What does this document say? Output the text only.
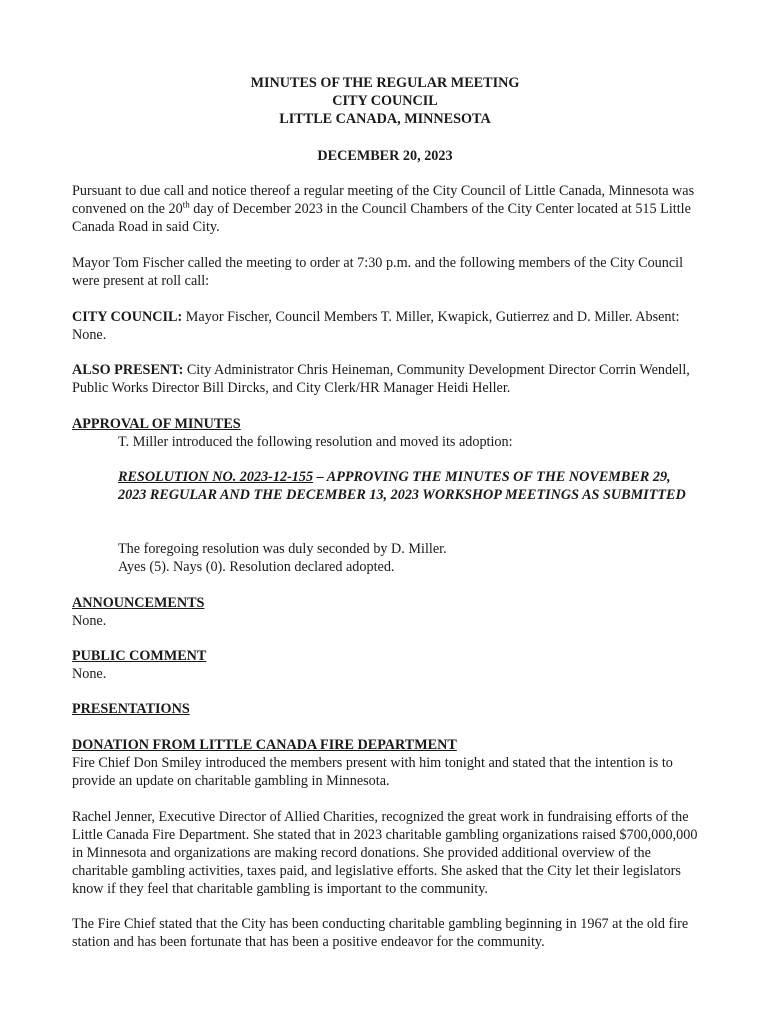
MINUTES OF THE REGULAR MEETING
CITY COUNCIL
LITTLE CANADA, MINNESOTA
DECEMBER 20, 2023

Pursuant to due call and notice thereof a regular meeting of the City Council of Little Canada, Minnesota was convened on the 20th day of December 2023 in the Council Chambers of the City Center located at 515 Little Canada Road in said City.

Mayor Tom Fischer called the meeting to order at 7:30 p.m. and the following members of the City Council were present at roll call:

CITY COUNCIL: Mayor Fischer, Council Members T. Miller, Kwapick, Gutierrez and D. Miller. Absent: None.

ALSO PRESENT: City Administrator Chris Heineman, Community Development Director Corrin Wendell, Public Works Director Bill Dircks, and City Clerk/HR Manager Heidi Heller.

APPROVAL OF MINUTES

T. Miller introduced the following resolution and moved its adoption:

RESOLUTION NO. 2023-12-155 – APPROVING THE MINUTES OF THE NOVEMBER 29, 2023 REGULAR AND THE DECEMBER 13, 2023 WORKSHOP MEETINGS AS SUBMITTED

The foregoing resolution was duly seconded by D. Miller.

Ayes (5). Nays (0). Resolution declared adopted.

ANNOUNCEMENTS

None.

PUBLIC COMMENT

None.

PRESENTATIONS

DONATION FROM LITTLE CANADA FIRE DEPARTMENT

Fire Chief Don Smiley introduced the members present with him tonight and stated that the intention is to provide an update on charitable gambling in Minnesota.

Rachel Jenner, Executive Director of Allied Charities, recognized the great work in fundraising efforts of the Little Canada Fire Department. She stated that in 2023 charitable gambling organizations raised $700,000,000 in Minnesota and organizations are making record donations. She provided additional overview of the charitable gambling activities, taxes paid, and legislative efforts. She asked that the City let their legislators know if they feel that charitable gambling is important to the community.

The Fire Chief stated that the City has been conducting charitable gambling beginning in 1967 at the old fire station and has been fortunate that has been a positive endeavor for the community.
